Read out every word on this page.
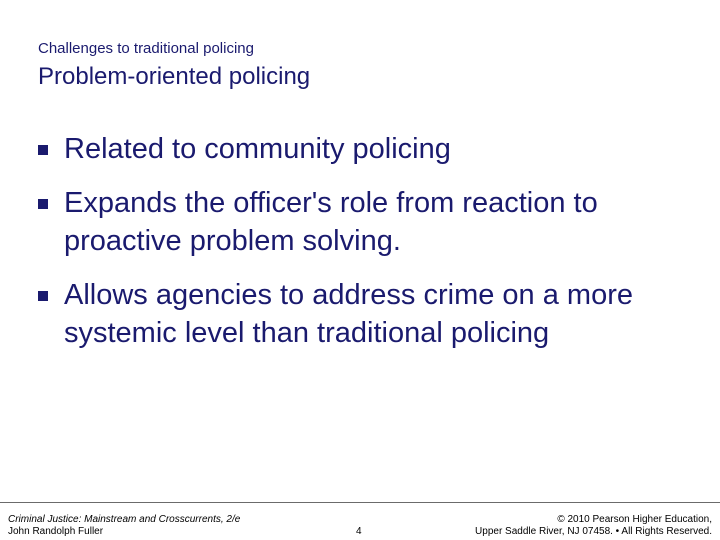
Challenges to traditional policing
Problem-oriented policing
Related to community policing
Expands the officer's role from reaction to proactive problem solving.
Allows agencies to address crime on a more systemic level than traditional policing
Criminal Justice: Mainstream and Crosscurrents, 2/e
John Randolph Fuller	4
© 2010 Pearson Higher Education,
Upper Saddle River, NJ 07458. • All Rights Reserved.
